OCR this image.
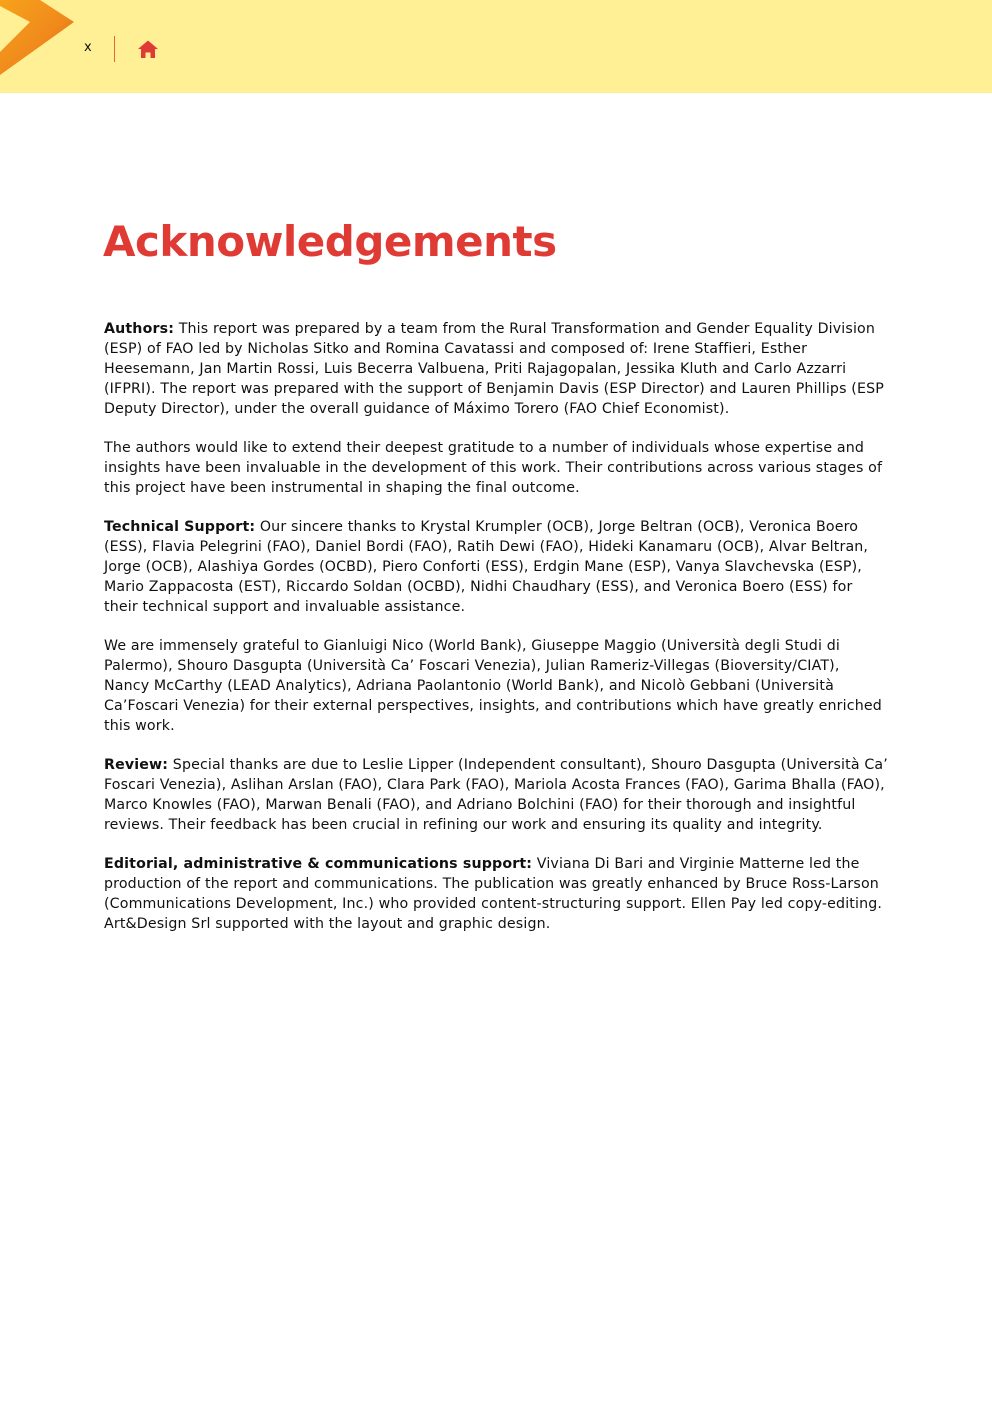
x
Acknowledgements

Authors: This report was prepared by a team from the Rural Transformation and Gender Equality Division (ESP) of FAO led by Nicholas Sitko and Romina Cavatassi and composed of: Irene Staffieri, Esther Heesemann, Jan Martin Rossi, Luis Becerra Valbuena, Priti Rajagopalan, Jessika Kluth and Carlo Azzarri (IFPRI). The report was prepared with the support of Benjamin Davis (ESP Director) and Lauren Phillips (ESP Deputy Director), under the overall guidance of Máximo Torero (FAO Chief Economist).

The authors would like to extend their deepest gratitude to a number of individuals whose expertise and insights have been invaluable in the development of this work. Their contributions across various stages of this project have been instrumental in shaping the final outcome.

Technical Support: Our sincere thanks to Krystal Krumpler (OCB), Jorge Beltran (OCB), Veronica Boero (ESS), Flavia Pelegrini (FAO), Daniel Bordi (FAO), Ratih Dewi (FAO), Hideki Kanamaru (OCB), Alvar Beltran, Jorge (OCB), Alashiya Gordes (OCBD), Piero Conforti (ESS), Erdgin Mane (ESP), Vanya Slavchevska (ESP), Mario Zappacosta (EST), Riccardo Soldan (OCBD), Nidhi Chaudhary (ESS), and Veronica Boero (ESS) for their technical support and invaluable assistance.

We are immensely grateful to Gianluigi Nico (World Bank), Giuseppe Maggio (Università degli Studi di Palermo), Shouro Dasgupta (Università Ca’ Foscari Venezia), Julian Rameriz-Villegas (Bioversity/CIAT), Nancy McCarthy (LEAD Analytics), Adriana Paolantonio (World Bank), and Nicolò Gebbani (Università Ca’Foscari Venezia) for their external perspectives, insights, and contributions which have greatly enriched this work.

Review: Special thanks are due to Leslie Lipper (Independent consultant), Shouro Dasgupta (Università Ca’ Foscari Venezia), Aslihan Arslan (FAO), Clara Park (FAO), Mariola Acosta Frances (FAO), Garima Bhalla (FAO), Marco Knowles (FAO), Marwan Benali (FAO), and Adriano Bolchini (FAO) for their thorough and insightful reviews. Their feedback has been crucial in refining our work and ensuring its quality and integrity.

Editorial, administrative & communications support: Viviana Di Bari and Virginie Matterne led the production of the report and communications. The publication was greatly enhanced by Bruce Ross-Larson (Communications Development, Inc.) who provided content-structuring support. Ellen Pay led copy-editing. Art&Design Srl supported with the layout and graphic design.
